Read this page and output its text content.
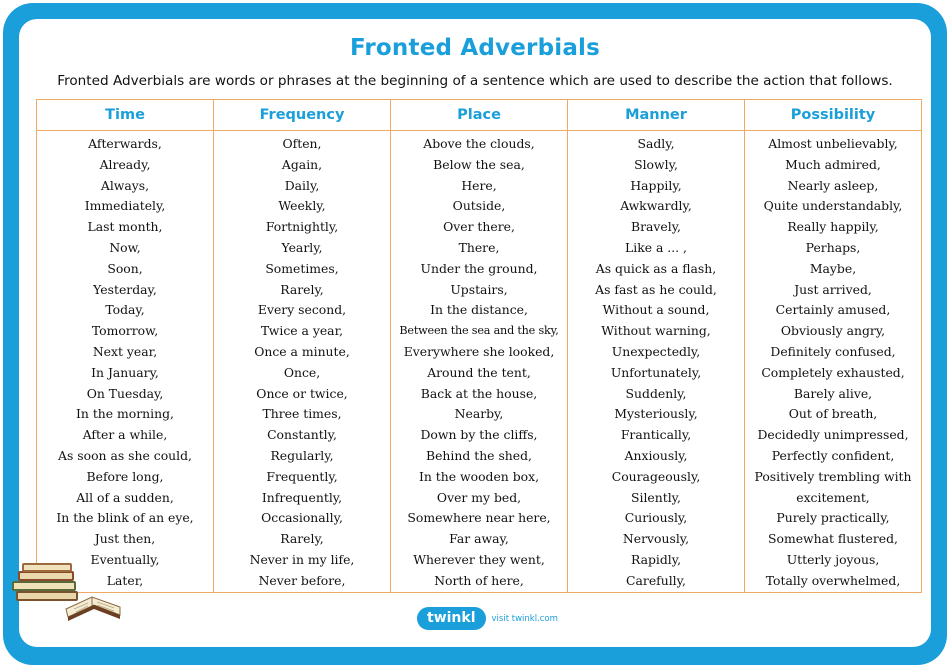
Fronted Adverbials
Fronted Adverbials are words or phrases at the beginning of a sentence which are used to describe the action that follows.
Time
Afterwards,
Already,
Always,
Immediately,
Last month,
Now,
Soon,
Yesterday,
Today,
Tomorrow,
Next year,
In January,
On Tuesday,
In the morning,
After a while,
As soon as she could,
Before long,
All of a sudden,
In the blink of an eye,
Just then,
Eventually,
Later,
Frequency
Often,
Again,
Daily,
Weekly,
Fortnightly,
Yearly,
Sometimes,
Rarely,
Every second,
Twice a year,
Once a minute,
Once,
Once or twice,
Three times,
Constantly,
Regularly,
Frequently,
Infrequently,
Occasionally,
Rarely,
Never in my life,
Never before,
Place
Above the clouds,
Below the sea,
Here,
Outside,
Over there,
There,
Under the ground,
Upstairs,
In the distance,
Between the sea and the sky,
Everywhere she looked,
Around the tent,
Back at the house,
Nearby,
Down by the cliffs,
Behind the shed,
In the wooden box,
Over my bed,
Somewhere near here,
Far away,
Wherever they went,
North of here,
Manner
Sadly,
Slowly,
Happily,
Awkwardly,
Bravely,
Like a ... ,
As quick as a flash,
As fast as he could,
Without a sound,
Without warning,
Unexpectedly,
Unfortunately,
Suddenly,
Mysteriously,
Frantically,
Anxiously,
Courageously,
Silently,
Curiously,
Nervously,
Rapidly,
Carefully,
Possibility
Almost unbelievably,
Much admired,
Nearly asleep,
Quite understandably,
Really happily,
Perhaps,
Maybe,
Just arrived,
Certainly amused,
Obviously angry,
Definitely confused,
Completely exhausted,
Barely alive,
Out of breath,
Decidedly unimpressed,
Perfectly confident,
Positively trembling with
excitement,
Purely practically,
Somewhat flustered,
Utterly joyous,
Totally overwhelmed,
twinkl	visit twinkl.com
